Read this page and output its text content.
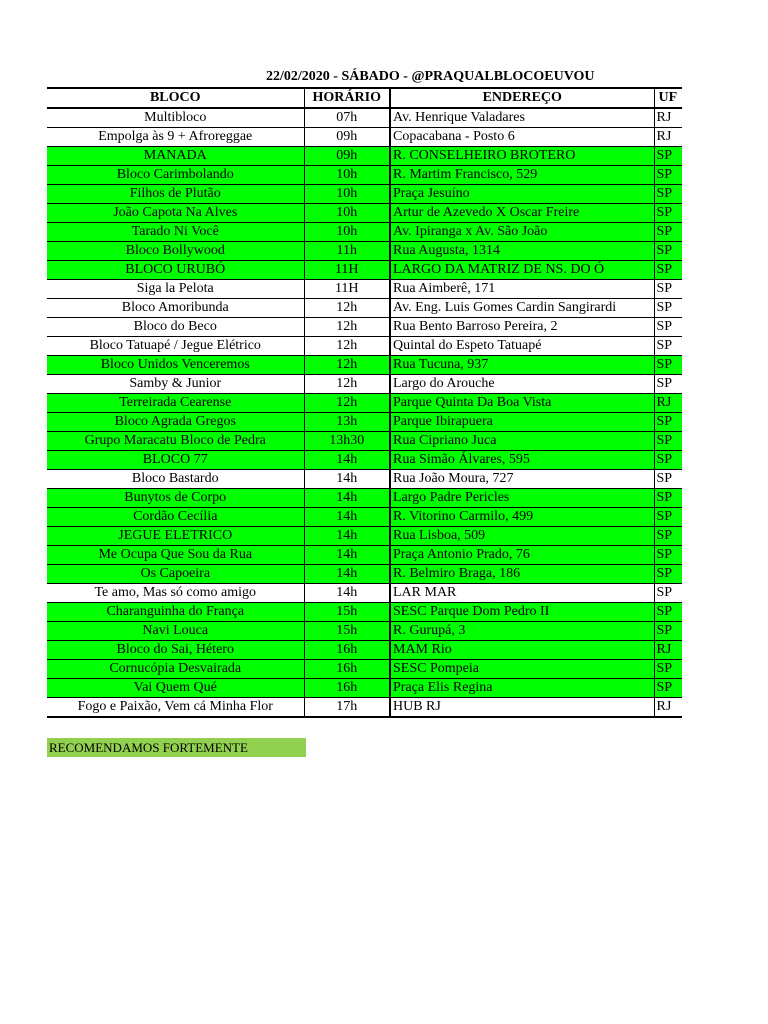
22/02/2020 - SÁBADO - @PRAQUALBLOCOEUVOU
BLOCO	HORÁRIO	ENDEREÇO	UF
Multibloco	07h	Av. Henrique Valadares	RJ
Empolga às 9 + Afroreggae	09h	Copacabana - Posto 6	RJ
MANADA	09h	R. CONSELHEIRO BROTERO	SP
Bloco Carimbolando	10h	R. Martim Francisco, 529	SP
Filhos de Plutão	10h	Praça Jesuíno	SP
João Capota Na Alves	10h	Artur de Azevedo X Oscar Freire	SP
Tarado Ni Você	10h	Av. Ipiranga x Av. São João	SP
Bloco Bollywood	11h	Rua Augusta, 1314	SP
BLOCO URUBÓ	11H	LARGO DA MATRIZ DE NS. DO Ó	SP
Siga la Pelota	11H	Rua Aimberê, 171	SP
Bloco Amoribunda	12h	Av. Eng. Luis Gomes Cardin Sangirardi	SP
Bloco do Beco	12h	Rua Bento Barroso Pereira, 2	SP
Bloco Tatuapé / Jegue Elétrico	12h	Quintal do Espeto Tatuapé	SP
Bloco Unidos Venceremos	12h	Rua Tucuna, 937	SP
Samby & Junior	12h	Largo do Arouche	SP
Terreirada Cearense	12h	Parque Quinta Da Boa Vista	RJ
Bloco Agrada Gregos	13h	Parque Ibirapuera	SP
Grupo Maracatu Bloco de Pedra	13h30	Rua Cipriano Juca	SP
BLOCO 77	14h	Rua Simão Álvares, 595	SP
Bloco Bastardo	14h	Rua João Moura, 727	SP
Bunytos de Corpo	14h	Largo Padre Pericles	SP
Cordão Cecília	14h	R. Vitorino Carmilo, 499	SP
JEGUE ELETRICO	14h	Rua Lisboa, 509	SP
Me Ocupa Que Sou da Rua	14h	Praça Antonio Prado, 76	SP
Os Capoeira	14h	R. Belmiro Braga, 186	SP
Te amo, Mas só como amigo	14h	LAR MAR	SP
Charanguinha do França	15h	SESC Parque Dom Pedro II	SP
Navi Louca	15h	R. Gurupá, 3	SP
Bloco do Sai, Hétero	16h	MAM Rio	RJ
Cornucópia Desvairada	16h	SESC Pompeia	SP
Vai Quem Qué	16h	Praça Elis Regina	SP
Fogo e Paixão, Vem cá Minha Flor	17h	HUB RJ	RJ
RECOMENDAMOS FORTEMENTE
